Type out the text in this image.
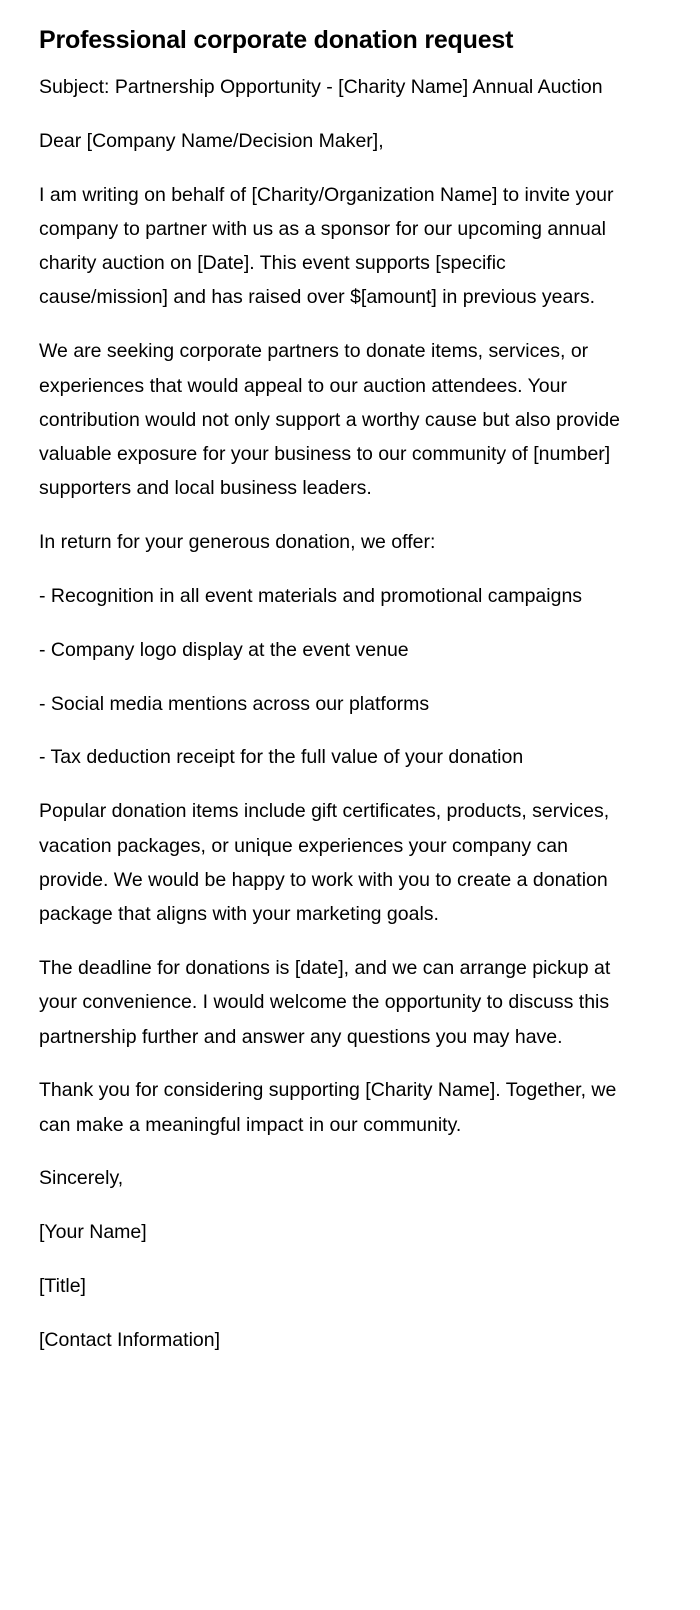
Professional corporate donation request

Subject: Partnership Opportunity - [Charity Name] Annual Auction

Dear [Company Name/Decision Maker],

I am writing on behalf of [Charity/Organization Name] to invite your company to partner with us as a sponsor for our upcoming annual charity auction on [Date]. This event supports [specific cause/mission] and has raised over $[amount] in previous years.

We are seeking corporate partners to donate items, services, or experiences that would appeal to our auction attendees. Your contribution would not only support a worthy cause but also provide valuable exposure for your business to our community of [number] supporters and local business leaders.

In return for your generous donation, we offer:

- Recognition in all event materials and promotional campaigns

- Company logo display at the event venue

- Social media mentions across our platforms

- Tax deduction receipt for the full value of your donation

Popular donation items include gift certificates, products, services, vacation packages, or unique experiences your company can provide. We would be happy to work with you to create a donation package that aligns with your marketing goals.

The deadline for donations is [date], and we can arrange pickup at your convenience. I would welcome the opportunity to discuss this partnership further and answer any questions you may have.

Thank you for considering supporting [Charity Name]. Together, we can make a meaningful impact in our community.

Sincerely,

[Your Name]

[Title]

[Contact Information]
